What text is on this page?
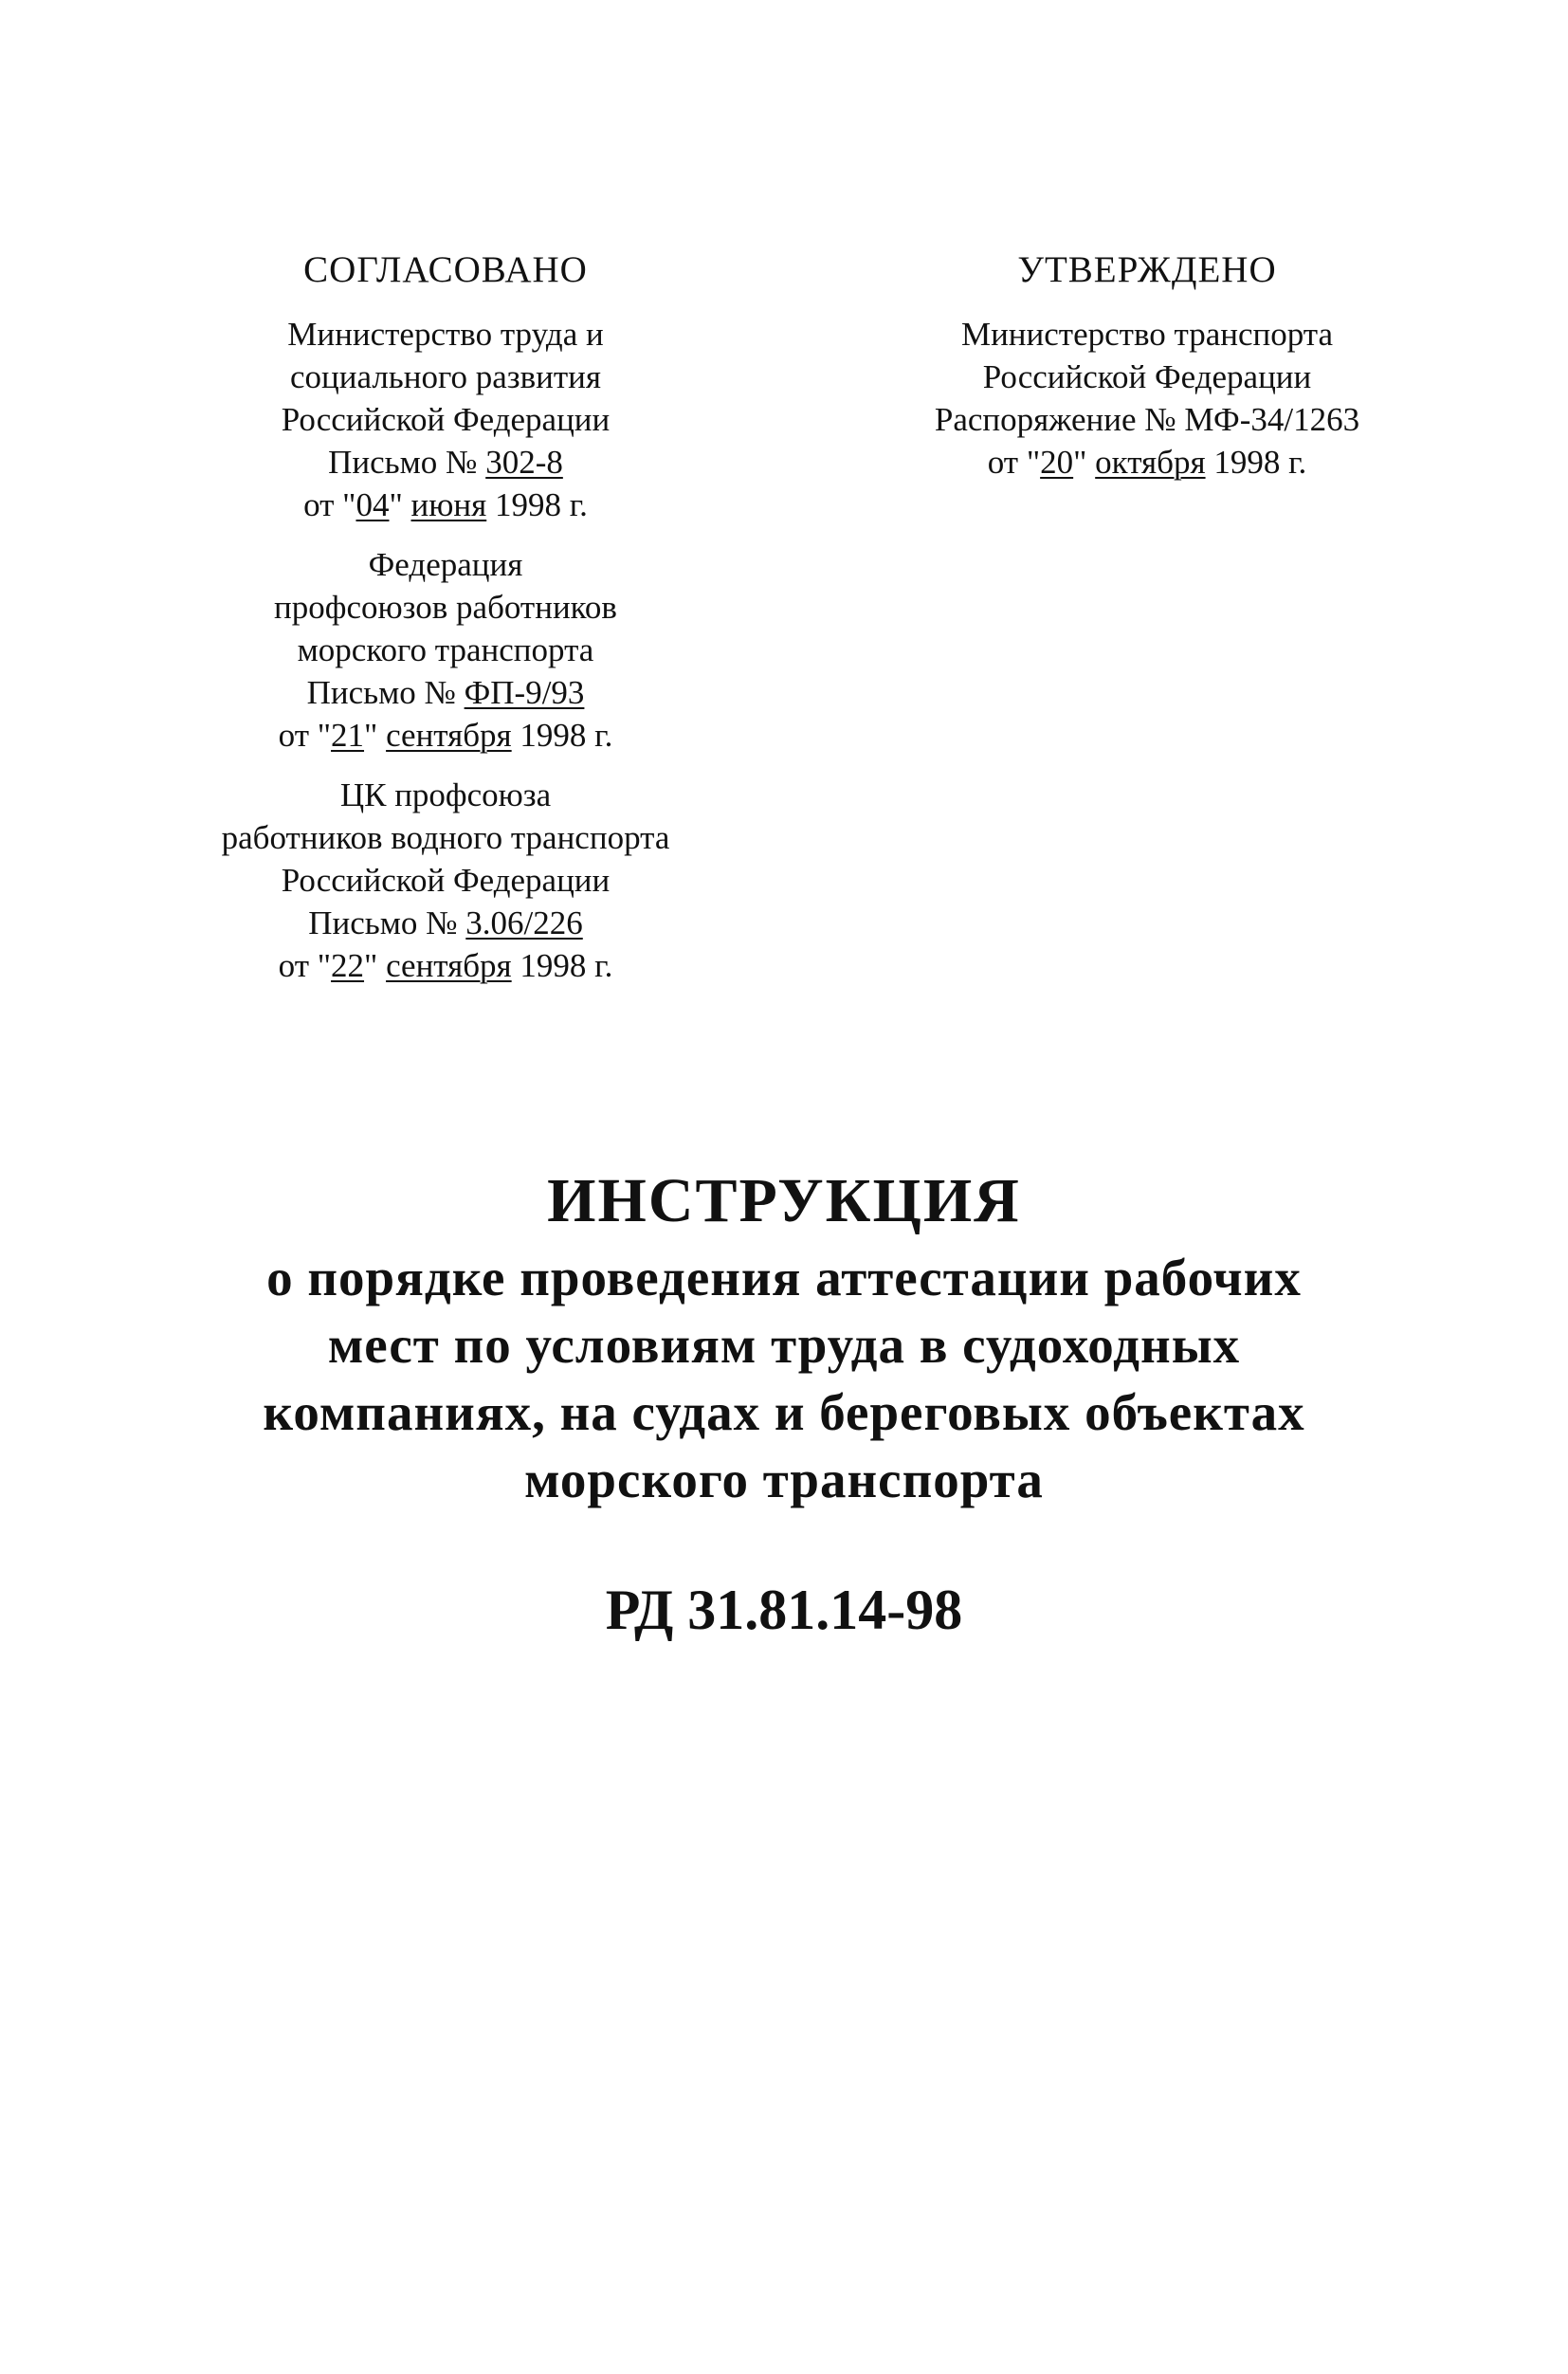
СОГЛАСОВАНО
Министерство труда и
социального развития
Российской Федерации
Письмо № 302-8
от "04" июня 1998 г.
Федерация
профсоюзов работников
морского транспорта
Письмо № ФП-9/93
от "21" сентября 1998 г.
ЦК профсоюза
работников водного транспорта
Российской Федерации
Письмо № 3.06/226
от "22" сентября 1998 г.
УТВЕРЖДЕНО
Министерство транспорта
Российской Федерации
Распоряжение № МФ-34/1263
от "20" октября 1998 г.
ИНСТРУКЦИЯ
о порядке проведения аттестации рабочих
мест по условиям труда в судоходных
компаниях, на судах и береговых объектах
морского транспорта
РД 31.81.14-98
